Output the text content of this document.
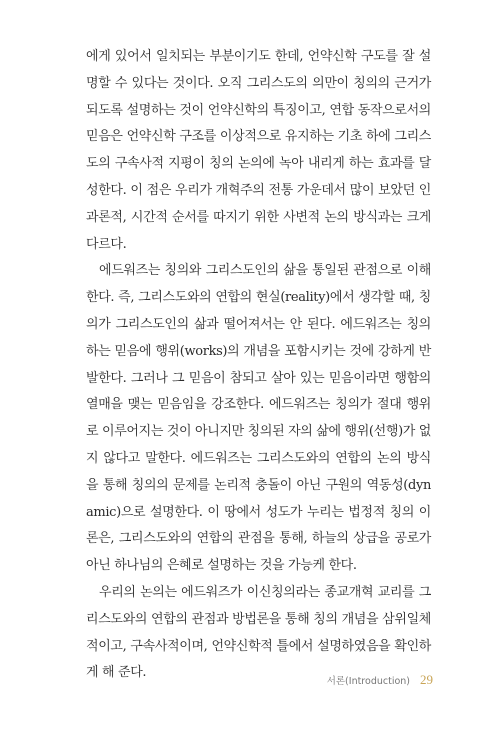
에게 있어서 일치되는 부분이기도 한데, 언약신학 구도를 잘 설명할 수 있다는 것이다. 오직 그리스도의 의만이 칭의의 근거가 되도록 설명하는 것이 언약신학의 특징이고, 연합 동작으로서의 믿음은 언약신학 구조를 이상적으로 유지하는 기초 하에 그리스도의 구속사적 지평이 칭의 논의에 녹아 내리게 하는 효과를 달성한다. 이 점은 우리가 개혁주의 전통 가운데서 많이 보았던 인과론적, 시간적 순서를 따지기 위한 사변적 논의 방식과는 크게 다르다.

에드워즈는 칭의와 그리스도인의 삶을 통일된 관점으로 이해한다. 즉, 그리스도와의 연합의 현실(reality)에서 생각할 때, 칭의가 그리스도인의 삶과 떨어져서는 안 된다. 에드워즈는 칭의하는 믿음에 행위(works)의 개념을 포함시키는 것에 강하게 반발한다. 그러나 그 믿음이 참되고 살아 있는 믿음이라면 행함의 열매을 맺는 믿음임을 강조한다. 에드워즈는 칭의가 절대 행위로 이루어지는 것이 아니지만 칭의된 자의 삶에 행위(선행)가 없지 않다고 말한다. 에드워즈는 그리스도와의 연합의 논의 방식을 통해 칭의의 문제를 논리적 충돌이 아닌 구원의 역동성(dynamic)으로 설명한다. 이 땅에서 성도가 누리는 법정적 칭의 이론은, 그리스도와의 연합의 관점을 통해, 하늘의 상급을 공로가 아닌 하나님의 은혜로 설명하는 것을 가능케 한다.

우리의 논의는 에드워즈가 이신칭의라는 종교개혁 교리를 그리스도와의 연합의 관점과 방법론을 통해 칭의 개념을 삼위일체적이고, 구속사적이며, 언약신학적 틀에서 설명하였음을 확인하게 해 준다.

서론(Introduction) 29
